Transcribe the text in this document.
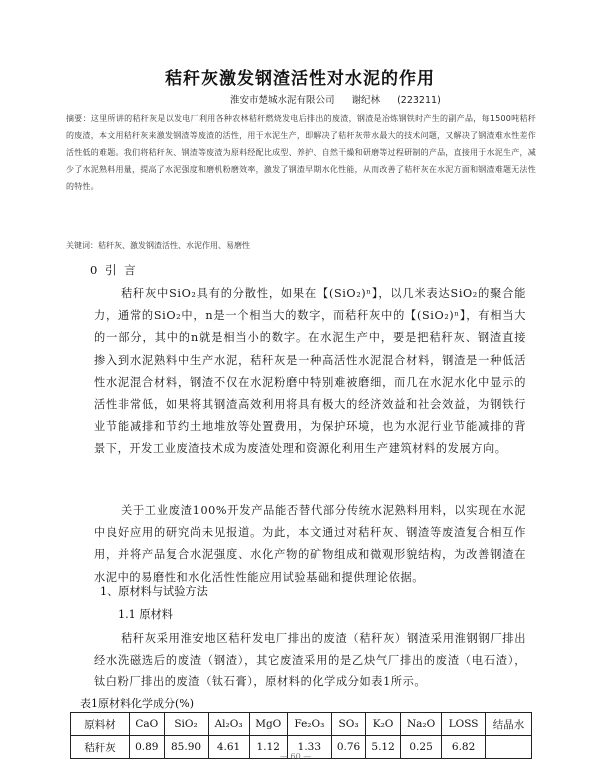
秸秆灰激发钢渣活性对水泥的作用
淮安市楚城水泥有限公司 谢纪林 (223211)
摘要：这里所讲的秸秆灰是以发电厂利用各种农林秸秆燃烧发电后排出的废渣，钢渣是冶炼钢铁时产生的副产品，每1500吨秸秆的废渣，本文用秸秆灰来激发钢渣等废渣的活性，用于水泥生产，即解决了秸秆灰带水最大的技术问题，又解决了钢渣难水性差作活性低的难题。我们将秸秆灰、钢渣等废渣为原料经配比成型、养护、自然干燥和研磨等过程研制的产品，直接用于水泥生产，减少了水泥熟料用量，提高了水泥强度和磨机粉磨效率，激发了钢渣早期水化性能，从而改善了秸秆灰在水泥方面和钢渣难题无法性的特性。
关键词：秸秆灰、激发钢渣活性、水泥作用、易磨性
0 引 言
秸秆灰中SiO₂具有的分散性，如果在【(SiO₂)ⁿ】，以几米表达SiO₂的聚合能力，通常的SiO₂中，n是一个相当大的数字，而秸秆灰中的【(SiO₂)ⁿ】，有相当大的一部分，其中的n就是相当小的数字。在水泥生产中，要是把秸秆灰、钢渣直接掺入到水泥熟料中生产水泥，秸秆灰是一种高活性水泥混合材料，钢渣是一种低活性水泥混合材料，钢渣不仅在水泥粉磨中特别难被磨细，而几在水泥水化中显示的活性非常低，如果将其钢渣高效利用将具有极大的经济效益和社会效益，为钢铁行业节能减排和节约土地堆放等处置费用，为保护环境，也为水泥行业节能减排的背景下，开发工业废渣技术成为废渣处理和资源化利用生产建筑材料的发展方向。
关于工业废渣100%开发产品能否替代部分传统水泥熟料用料，以实现在水泥中良好应用的研究尚未见报道。为此，本文通过对秸秆灰、钢渣等废渣复合相互作用，并将产品复合水泥强度、水化产物的矿物组成和微观形貌结构，为改善钢渣在水泥中的易磨性和水化活性性能应用试验基础和提供理论依据。
1、原材料与试验方法
1.1 原材料
秸秆灰采用淮安地区秸秆发电厂排出的废渣（秸秆灰）钢渣采用淮钢钢厂排出经水洗磁选后的废渣（钢渣），其它废渣采用的是乙炔气厂排出的废渣（电石渣），钛白粉厂排出的废渣（钛石膏），原材料的化学成分如表1所示。
表1原材料化学成分(%)
原料材	CaO	SiO₂	Al₂O₃	MgO	Fe₂O₃	SO₃	K₂O	Na₂O	LOSS	结晶水
秸秆灰	0.89	85.90	4.61	1.12	1.33	0.76	5.12	0.25	6.82	
— 60 —
